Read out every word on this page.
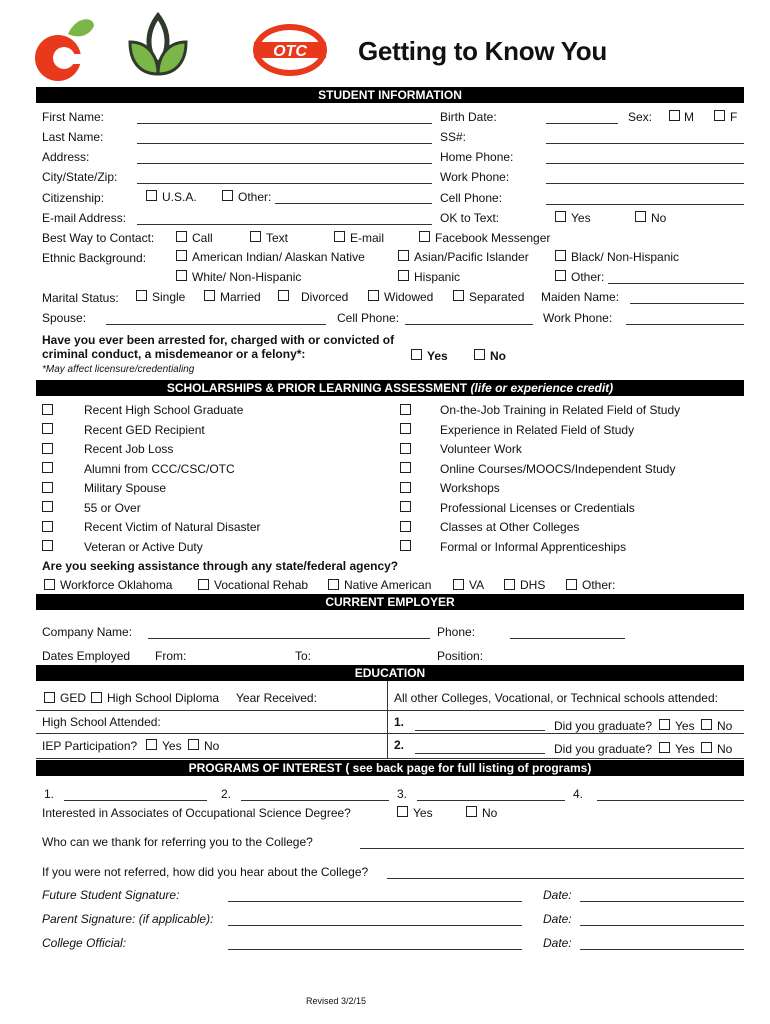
OTC Getting to Know You
STUDENT INFORMATION
First Name:
Last Name:
Address:
City/State/Zip:
Citizenship:	U.S.A.	Other:
E-mail Address:
Birth Date:	Sex:	M	F
SS#:
Home Phone:
Work Phone:
Cell Phone:
OK to Text:	Yes	No
Best Way to Contact:	Call	Text	E-mail	Facebook Messenger
Ethnic Background:	American Indian/ Alaskan Native	Asian/Pacific Islander	Black/ Non-Hispanic
White/ Non-Hispanic	Hispanic	Other:
Marital Status:	Single	Married	Divorced	Widowed	Separated Maiden Name:
Spouse:	Cell Phone:	Work Phone:
Have you ever been arrested for, charged with or convicted of
criminal conduct, a misdemeanor or a felony*:	Yes	No
*May affect licensure/credentialing
SCHOLARSHIPS & PRIOR LEARNING ASSESSMENT (life or experience credit)
Recent High School Graduate
Recent GED Recipient
Recent Job Loss
Alumni from CCC/CSC/OTC
Military Spouse
55 or Over
Recent Victim of Natural Disaster
Veteran or Active Duty
On-the-Job Training in Related Field of Study
Experience in Related Field of Study
Volunteer Work
Online Courses/MOOCS/Independent Study
Workshops
Professional Licenses or Credentials
Classes at Other Colleges
Formal or Informal Apprenticeships
Are you seeking assistance through any state/federal agency?
Workforce Oklahoma	Vocational Rehab	Native American	VA	DHS	Other:
CURRENT EMPLOYER
Company Name:	Phone:
Dates Employed From:	To:	Position:
EDUCATION
GED High School Diploma Year Received:
High School Attended:
IEP Participation? Yes No
All other Colleges, Vocational, or Technical schools attended:
1.	Did you graduate? Yes No
2.	Did you graduate? Yes No
PROGRAMS OF INTEREST ( see back page for full listing of programs)
1.	2.	3.	4.
Interested in Associates of Occupational Science Degree?	Yes	No
Who can we thank for referring you to the College?
If you were not referred, how did you hear about the College?
Future Student Signature:	Date:
Parent Signature: (if applicable):	Date:
College Official:	Date:
Revised 3/2/15
